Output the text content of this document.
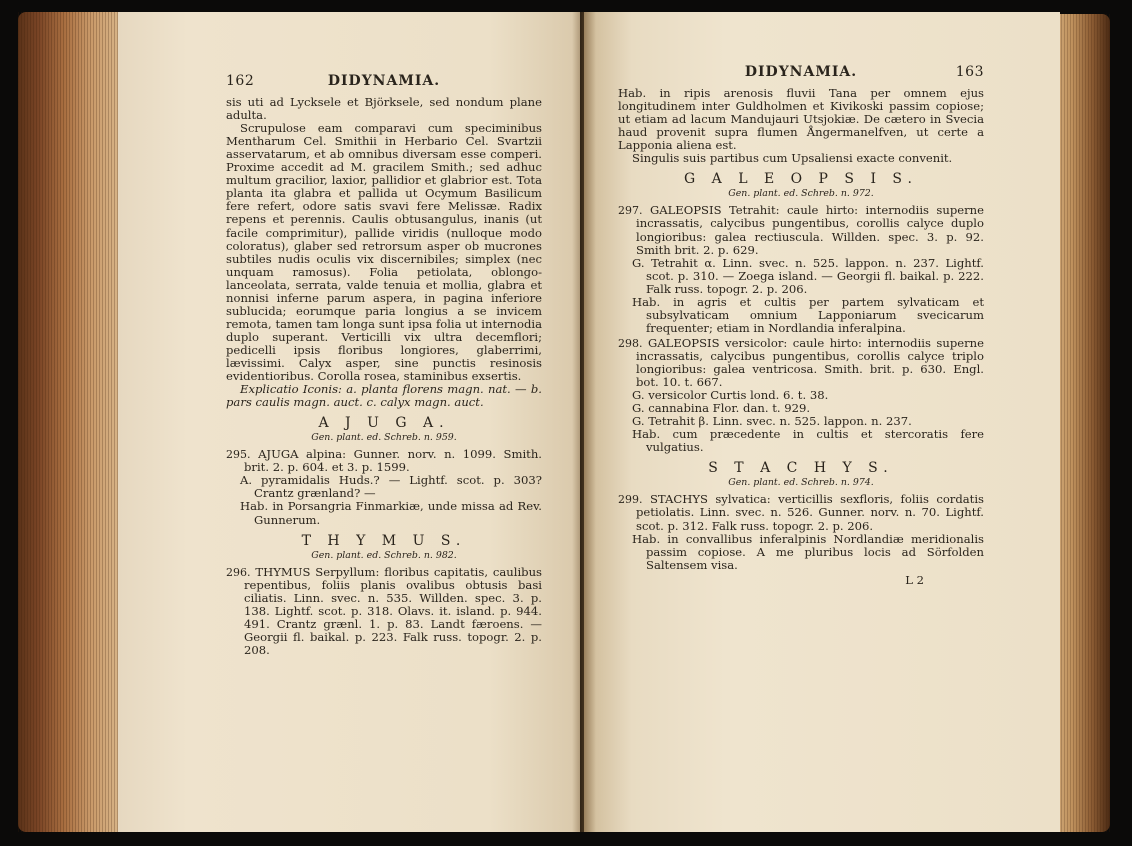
162	DIDYNAMIA.

sis uti ad Lycksele et Björksele, sed nondum plane adulta.

Scrupulose eam comparavi cum speciminibus Mentharum Cel. Smithii in Herbario Cel. Svartzii asservatarum, et ab omnibus diversam esse comperi. Proxime accedit ad M. gracilem Smith.; sed adhuc multum gracilior, laxior, pallidior et glabrior est. Tota planta ita glabra et pallida ut Ocymum Basilicum fere refert, odore satis svavi fere Melissæ. Radix repens et perennis. Caulis obtusangulus, inanis (ut facile comprimitur), pallide viridis (nulloque modo coloratus), glaber sed retrorsum asper ob mucrones subtiles nudis oculis vix discernibiles; simplex (nec unquam ramosus). Folia petiolata, oblongo-lanceolata, serrata, valde tenuia et mollia, glabra et nonnisi inferne parum aspera, in pagina inferiore sublucida; eorumque paria longius a se invicem remota, tamen tam longa sunt ipsa folia ut internodia duplo superant. Verticilli vix ultra decemflori; pedicelli ipsis floribus longiores, glaberrimi, lævissimi. Calyx asper, sine punctis resinosis evidentioribus. Corolla rosea, staminibus exsertis.

Explicatio Iconis: a. planta florens magn. nat. — b. pars caulis magn. auct. c. calyx magn. auct.

A J U G A.
Gen. plant. ed. Schreb. n. 959.

295. AJUGA alpina: Gunner. norv. n. 1099. Smith. brit. 2. p. 604. et 3. p. 1599.

A. pyramidalis Huds.? — Lightf. scot. p. 303? Crantz grænland? —

Hab. in Porsangria Finmarkiæ, unde missa ad Rev. Gunnerum.

T H Y M U S.
Gen. plant. ed. Schreb. n. 982.

296. THYMUS Serpyllum: floribus capitatis, caulibus repentibus, foliis planis ovalibus obtusis basi ciliatis. Linn. svec. n. 535. Willden. spec. 3. p. 138. Lightf. scot. p. 318. Olavs. it. island. p. 944. 491. Crantz grænl. 1. p. 83. Landt færoens. — Georgii fl. baikal. p. 223. Falk russ. topogr. 2. p. 208.

DIDYNAMIA.	163

Hab. in ripis arenosis fluvii Tana per omnem ejus longitudinem inter Guldholmen et Kivikoski passim copiose; ut etiam ad lacum Mandujauri Utsjokiæ. De cætero in Svecia haud provenit supra flumen Ångermanelfven, ut certe a Lapponia aliena est.

Singulis suis partibus cum Upsaliensi exacte convenit.

G A L E O P S I S.
Gen. plant. ed. Schreb. n. 972.

297. GALEOPSIS Tetrahit: caule hirto: internodiis superne incrassatis, calycibus pungentibus, corollis calyce duplo longioribus: galea rectiuscula. Willden. spec. 3. p. 92. Smith brit. 2. p. 629.

G. Tetrahit α. Linn. svec. n. 525. lappon. n. 237. Lightf. scot. p. 310. — Zoega island. — Georgii fl. baikal. p. 222. Falk russ. topogr. 2. p. 206.

Hab. in agris et cultis per partem sylvaticam et subsylvaticam omnium Lapponiarum svecicarum frequenter; etiam in Nordlandia inferalpina.

298. GALEOPSIS versicolor: caule hirto: internodiis superne incrassatis, calycibus pungentibus, corollis calyce triplo longioribus: galea ventricosa. Smith. brit. p. 630. Engl. bot. 10. t. 667.

G. versicolor Curtis lond. 6. t. 38.

G. cannabina Flor. dan. t. 929.

G. Tetrahit β. Linn. svec. n. 525. lappon. n. 237.

Hab. cum præcedente in cultis et stercoratis fere vulgatius.

S T A C H Y S.
Gen. plant. ed. Schreb. n. 974.

299. STACHYS sylvatica: verticillis sexfloris, foliis cordatis petiolatis. Linn. svec. n. 526. Gunner. norv. n. 70. Lightf. scot. p. 312. Falk russ. topogr. 2. p. 206.

Hab. in convallibus inferalpinis Nordlandiæ meridionalis passim copiose. A me pluribus locis ad Sörfolden Saltensem visa.

L 2
